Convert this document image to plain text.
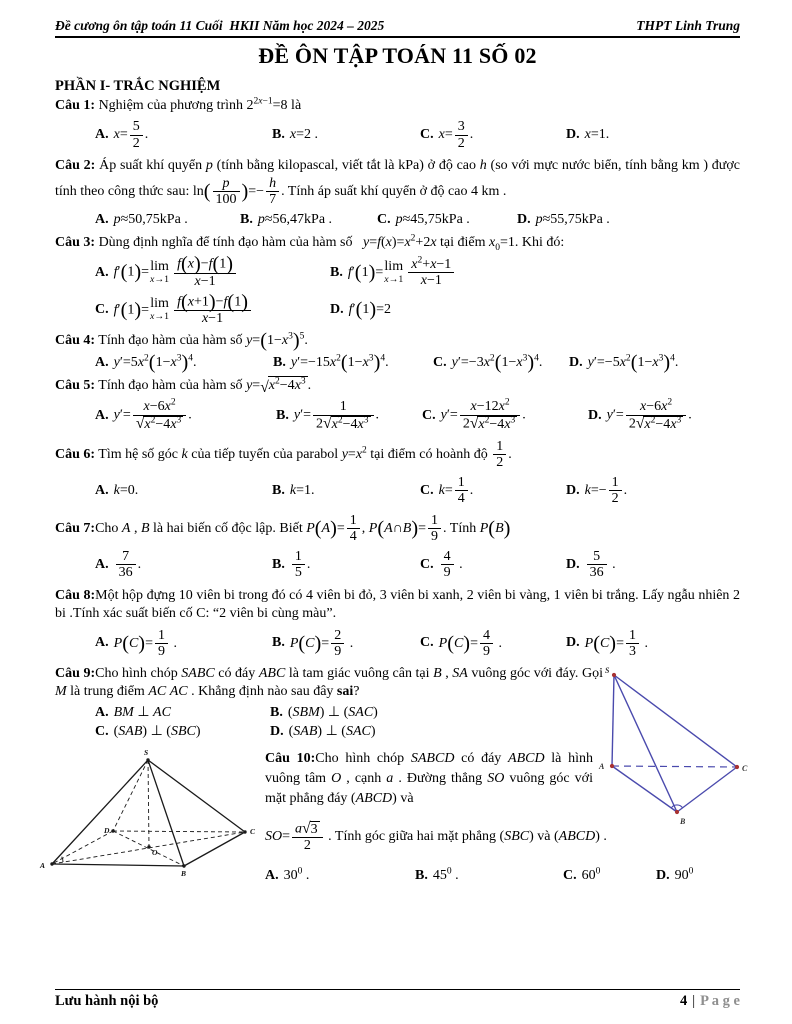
Đề cương ôn tập toán 11 Cuối  HKII Năm học 2024 – 2025	THPT Linh Trung
ĐỀ ÔN TẬP TOÁN 11 SỐ 02
PHẦN I- TRẮC NGHIỆM
Câu 1: Nghiệm của phương trình $2^{2x-1}=8$ là
A. $x= \frac{5}{2}$ .	B. x=2 .	C. $x= \frac{3}{2}$ .	D. x=1.
Câu 2: Áp suất khí quyển p (tính bằng kilopascal, viết tắt là kPa) ở độ cao h (so với mực nước biển, tính bằng km ) được tính theo công thức sau: $\ln( \frac{p}{100}$ )=− $\frac{h}{7}$ . Tính áp suất khí quyển ở độ cao 4 km .
A. p≈50,75kPa .	B. p≈56,47kPa .	C. p≈45,75kPa .	D. p≈55,75kPa .
Câu 3: Dùng định nghĩa để tính đạo hàm của hàm số   $y=f(x)=x^2+2x$ tại điểm $x_0=1$. Khi đó:
A. f′(1)= lim
$x\to 1 \frac{f(x)-f(1)}{x-1}$	B. f′(1)= lim
$x\to 1 \frac{x^2+x-1}{x-1}$
C. f′(1)= lim
$x\to 1 \frac{f(x+1)-f(1)}{x-1}$	D. f′(1)=2
Câu 4: Tính đạo hàm của hàm số $y=(1-x^3)^5$.
A. $y'=5x^2(1-x^3)^4$.	B. $y'=-15x^2(1-x^3)^4$.	C. $y'=-3x^2(1-x^3)^4$. D. $y'=-5x^2(1-x^3)^4$.
Câu 5: Tính đạo hàm của hàm số y= √ $x^2-4x^3$ .
A. $y'= \frac{x-6x^2}{√ x^2-4x^3}$ .	B. $y'= \frac{1}{2 √ x^2-4x^3}$ .	C. $y'= \frac{x-12x^2}{2 √ x^2-4x^3}$ .	D. $y'= \frac{x-6x^2}{2 √ x^2-4x^3}$ .
Câu 6: Tìm hệ số góc k của tiếp tuyến của parabol $y=x^2$ tại điểm có hoành độ $\frac{1}{2}$ .
A. k=0.	B. k=1.	C. $k= \frac{1}{4}$ .	D. $k=- \frac{1}{2}$ .
Câu 7:Cho A , B là hai biến cố độc lập. Biết $P(A)= \frac{1}{4}$ , P(A∩B)= $\frac{1}{9}$ . Tính P(B)
A. $\frac{7}{36}$ .	B. $\frac{1}{5}$ .	C. $\frac{4}{9}$ .	D. $\frac{5}{36}$ .
Câu 8:Một hộp đựng 10 viên bi trong đó có 4 viên bi đỏ, 3 viên bi xanh, 2 viên bi vàng, 1 viên bi trắng. Lấy ngẫu nhiên 2 bi .Tính xác suất biến cố C: “2 viên bi cùng màu”.
A. $P(C)= \frac{1}{9}$ .	B. $P(C)= \frac{2}{9}$ .	C. $P(C)= \frac{4}{9}$ .	D. $P(C)= \frac{1}{3}$ .
Câu 9:Cho hình chóp SABC có đáy ABC là tam giác vuông cân tại B , SA vuông góc với đáy. Gọi M là trung điểm AC AC . Khẳng định nào sau đây sai?
A. BM ⊥ AC	B. (SBM) ⊥ (SAC)
C. (SAB) ⊥ (SBC)	D. (SAB) ⊥ (SAC)
S
A	C
B
S
A
B
C
D
O
Câu 10:Cho hình chóp SABCD có đáy ABCD là hình vuông tâm O , cạnh a . Đường thẳng SO vuông góc với mặt phẳng đáy (ABCD) và
$SO= \frac{a √ 3}{2}$ . Tính góc giữa hai mặt phẳng (SBC) và (ABCD) .
A. $30^0$ .	B. $45^0$ .	C. $60^0$	D. $90^0$
Lưu hành nội bộ	4 | P a g e
